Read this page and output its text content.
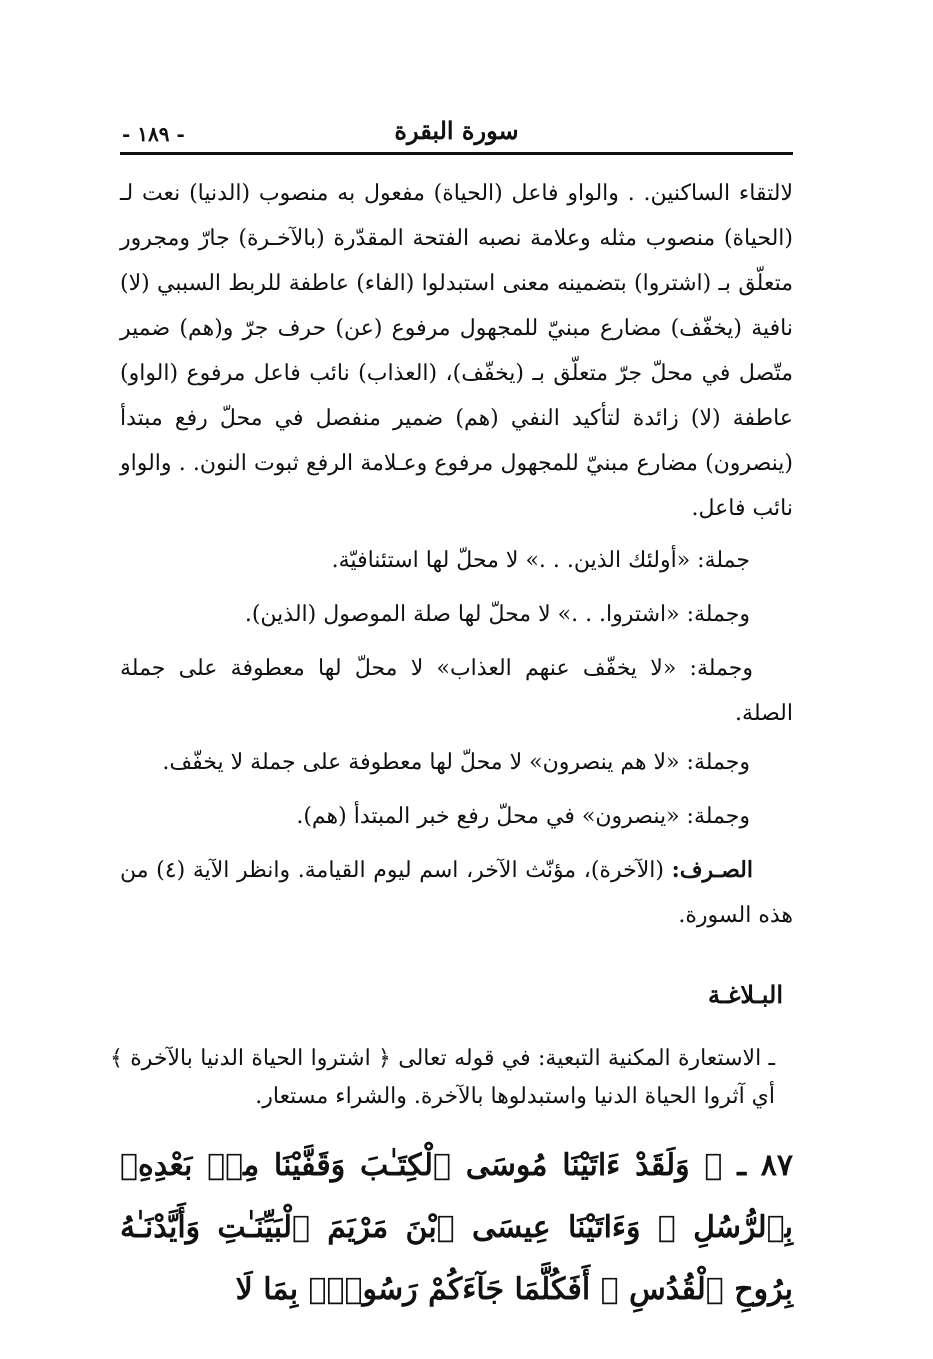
سورة البقرة
- ١٨٩ -
لالتقاء الساكنين. . والواو فاعل (الحياة) مفعول به منصوب (الدنيا) نعت لـ (الحياة) منصوب مثله وعلامة نصبه الفتحة المقدّرة (بالآخـرة) جارّ ومجرور متعلّق بـ (اشتروا) بتضمينه معنى استبدلوا (الفاء) عاطفة للربط السببي (لا) نافية (يخفّف) مضارع مبنيّ للمجهول مرفوع (عن) حرف جرّ و(هم) ضمير متّصل في محلّ جرّ متعلّق بـ (يخفّف)، (العذاب) نائب فاعل مرفوع (الواو) عاطفة (لا) زائدة لتأكيد النفي (هم) ضمير منفصل في محلّ رفع مبتدأ (ينصرون) مضارع مبنيّ للمجهول مرفوع وعـلامة الرفع ثبوت النون. . والواو نائب فاعل.
جملة: «أولئك الذين. . .» لا محلّ لها استئنافيّة.
وجملة: «اشتروا. . .» لا محلّ لها صلة الموصول (الذين).
وجملة: «لا يخفّف عنهم العذاب» لا محلّ لها معطوفة على جملة الصلة.
وجملة: «لا هم ينصرون» لا محلّ لها معطوفة على جملة لا يخفّف.
وجملة: «ينصرون» في محلّ رفع خبر المبتدأ (هم).
الصـرف: (الآخرة)، مؤنّث الآخر، اسم ليوم القيامة. وانظر الآية (٤) من هذه السورة.
البـلاغـة
ـ الاستعارة المكنية التبعية: في قوله تعالى ﴿ اشتروا الحياة الدنيا بالآخرة ﴾ أي آثروا الحياة الدنيا واستبدلوها بالآخرة. والشراء مستعار.
٨٧ ـ ﴿ وَلَقَدْ ءَاتَيْنَا مُوسَى ٱلْكِتَـٰبَ وَقَفَّيْنَا مِنۢ بَعْدِهِۦ بِٱلرُّسُلِ ۖ وَءَاتَيْنَا عِيسَى ٱبْنَ مَرْيَمَ ٱلْبَيِّنَـٰتِ وَأَيَّدْنَـٰهُ بِرُوحِ ٱلْقُدُسِ ۗ أَفَكُلَّمَا جَآءَكُمْ رَسُولٌۢ بِمَا لَا
